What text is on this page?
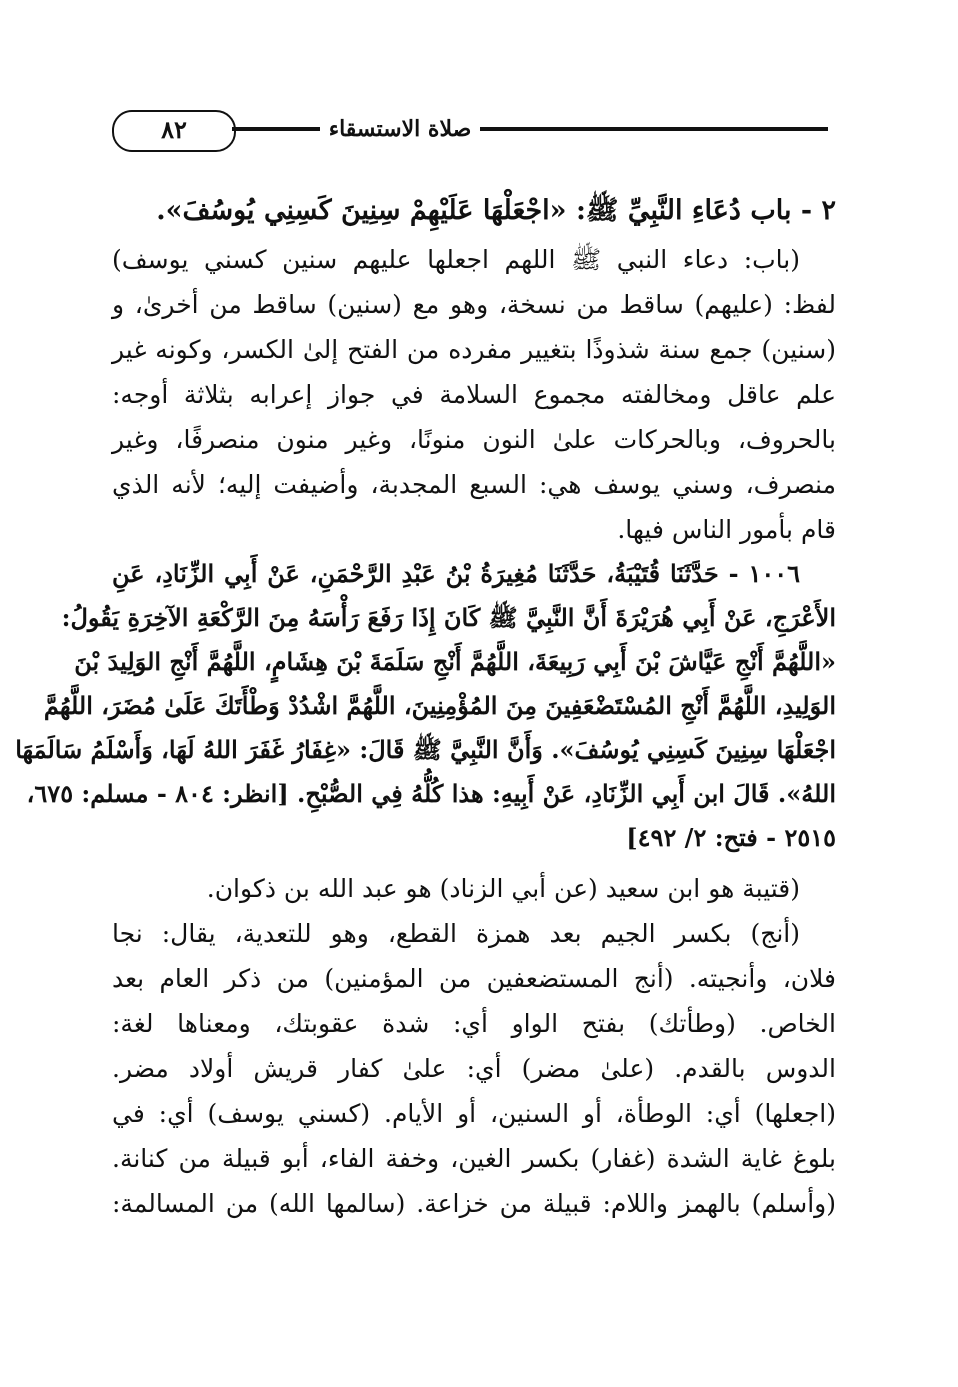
٨٢	صلاة الاستسقاء
٢ - باب دُعَاءِ النَّبِيِّ ﷺ: «اجْعَلْهَا عَلَيْهِمْ سِنِينَ كَسِنِي يُوسُفَ».
(باب: دعاء النبي ﷺ اللهم اجعلها عليهم سنين كسني يوسف)
لفظ: (عليهم) ساقط من نسخة، وهو مع (سنين) ساقط من أخرىٰ، و
(سنين) جمع سنة شذوذًا بتغيير مفرده من الفتح إلىٰ الكسر، وكونه غير
علم عاقل ومخالفته مجموع السلامة في جواز إعرابه بثلاثة أوجه:
بالحروف، وبالحركات علىٰ النون منونًا، وغير منون منصرفًا، وغير
منصرف، وسني يوسف هي: السبع المجدبة، وأضيفت إليه؛ لأنه الذي
قام بأمور الناس فيها.
١٠٠٦ - حَدَّثَنَا قُتَيْبَةُ، حَدَّثَنَا مُغِيرَةُ بْنُ عَبْدِ الرَّحْمَنِ، عَنْ أَبِي الزِّنَادِ، عَنِ
الأَعْرَجِ، عَنْ أَبِي هُرَيْرَةَ أَنَّ النَّبِيَّ ﷺ كَانَ إِذَا رَفَعَ رَأْسَهُ مِنَ الرَّكْعَةِ الآخِرَةِ يَقُولُ:
«اللَّهُمَّ أَنْجِ عَيَّاشَ بْنَ أَبِي رَبِيعَةَ، اللَّهُمَّ أَنْجِ سَلَمَةَ بْنَ هِشَامٍ، اللَّهُمَّ أَنْجِ الوَلِيدَ بْنَ
الوَلِيدِ، اللَّهُمَّ أَنْجِ المُسْتَضْعَفِينَ مِنَ المُؤْمِنِينَ، اللَّهُمَّ اشْدُدْ وَطْأَتَكَ عَلَىٰ مُضَرَ، اللَّهُمَّ
اجْعَلْهَا سِنِينَ كَسِنِي يُوسُفَ». وَأَنَّ النَّبِيَّ ﷺ قَالَ: «غِفَارُ غَفَرَ اللهُ لَهَا، وَأَسْلَمُ سَالَمَهَا
اللهُ». قَالَ ابن أَبِي الزِّنَادِ، عَنْ أَبِيهِ: هذا كُلُّهُ فِي الصُّبْحِ. [انظر: ٨٠٤ - مسلم: ٦٧٥،
٢٥١٥ - فتح: ٢/ ٤٩٢]
(قتيبة هو ابن سعيد (عن أبي الزناد) هو عبد الله بن ذكوان.
(أنج) بكسر الجيم بعد همزة القطع، وهو للتعدية، يقال: نجا
فلان، وأنجيته. (أنج المستضعفين من المؤمنين) من ذكر العام بعد
الخاص. (وطأتك) بفتح الواو أي: شدة عقوبتك، ومعناها لغة:
الدوس بالقدم. (علىٰ مضر) أي: علىٰ كفار قريش أولاد مضر.
(اجعلها) أي: الوطأة، أو السنين، أو الأيام. (كسني يوسف) أي: في
بلوغ غاية الشدة (غفار) بكسر الغين، وخفة الفاء، أبو قبيلة من كنانة.
(وأسلم) بالهمز واللام: قبيلة من خزاعة. (سالمها الله) من المسالمة:
